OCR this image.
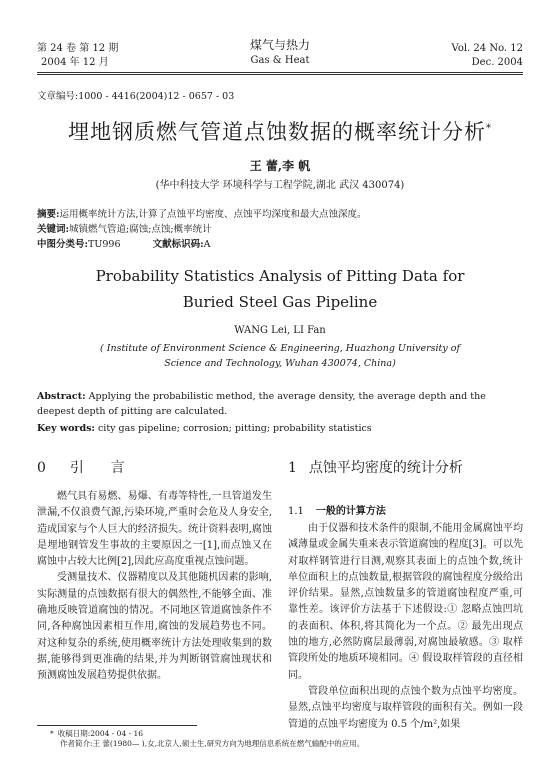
第 24 卷 第 12 期
2004 年 12 月
煤气与热力
Gas & Heat
Vol. 24 No. 12
Dec. 2004
文章编号:1000 - 4416(2004)12 - 0657 - 03
埋地钢质燃气管道点蚀数据的概率统计分析*
王 蕾,李 帆
(华中科技大学 环境科学与工程学院,湖北 武汉 430074)
摘要:运用概率统计方法,计算了点蚀平均密度、点蚀平均深度和最大点蚀深度。
关键词:城镇燃气管道;腐蚀;点蚀;概率统计
中图分类号:TU996	文献标识码:A
Probability Statistics Analysis of Pitting Data for
Buried Steel Gas Pipeline
WANG Lei, LI Fan
( Institute of Environment Science & Engineering, Huazhong University of
Science and Technology, Wuhan 430074, China)
Abstract: Applying the probabilistic method, the average density, the average depth and the deepest depth of pitting are calculated.
Key words: city gas pipeline; corrosion; pitting; probability statistics
0 引      言

燃气具有易燃、易爆、有毒等特性,一旦管道发生泄漏,不仅浪费气源,污染环境,严重时会危及人身安全,造成国家与个人巨大的经济损失。统计资料表明,腐蚀是埋地钢管发生事故的主要原因之一[1],而点蚀又在腐蚀中占较大比例[2],因此应高度重视点蚀问题。

受测量技术、仪器精度以及其他随机因素的影响,实际测量的点蚀数据有很大的偶然性,不能够全面、准确地反映管道腐蚀的情况。不同地区管道腐蚀条件不同,各种腐蚀因素相互作用,腐蚀的发展趋势也不同。对这种复杂的系统,使用概率统计方法处理收集到的数据,能够得到更准确的结果,并为判断钢管腐蚀现状和预测腐蚀发展趋势提供依据。

1 点蚀平均密度的统计分析
1.1 一般的计算方法

由于仪器和技术条件的限制,不能用金属腐蚀平均减薄量或金属失重来表示管道腐蚀的程度[3]。可以先对取样钢管进行目测,观察其表面上的点蚀个数,统计单位面积上的点蚀数量,根据管段的腐蚀程度分级给出评价结果。显然,点蚀数量多的管道腐蚀程度严重,可靠性差。该评价方法基于下述假设:① 忽略点蚀凹坑的表面积、体积,将其简化为一个点。② 最先出现点蚀的地方,必然防腐层最薄弱,对腐蚀最敏感。③ 取样管段所处的地质环境相同。④ 假设取样管段的直径相同。

管段单位面积出现的点蚀个数为点蚀平均密度。显然,点蚀平均密度与取样管段的面积有关。例如一段管道的点蚀平均密度为 0.5 个/m²,如果

* 收稿日期:2004 - 04 - 16
作者简介:王 蕾(1980— ),女,北京人,硕士生,研究方向为地理信息系统在燃气输配中的应用。
